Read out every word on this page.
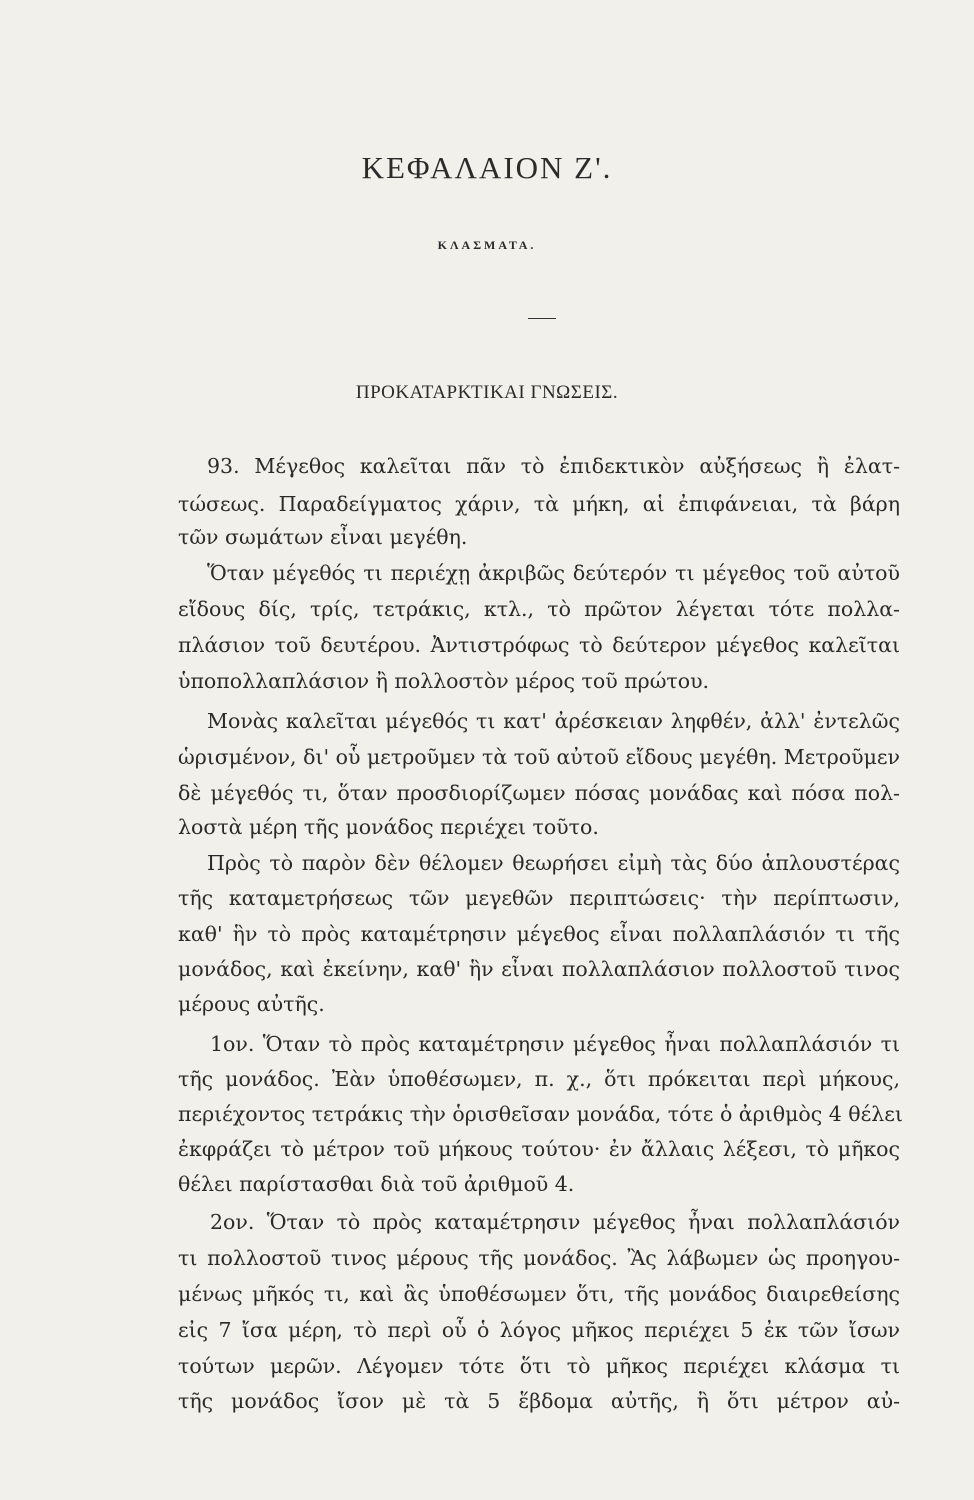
ΚΕΦΑΛΑΙΟΝ Ζ'.
ΚΛΑΣΜΑΤΑ.
ΠΡΟΚΑΤΑΡΚΤΙΚΑΙ ΓΝΩΣΕΙΣ.
93. Μέγεθος καλεῖται πᾶν τὸ ἐπιδεκτικὸν αὐξήσεως ἢ ἐλατ-
τώσεως. Παραδείγματος χάριν, τὰ μήκη, αἱ ἐπιφάνειαι, τὰ βάρη
τῶν σωμάτων εἶναι μεγέθη.
Ὅταν μέγεθός τι περιέχῃ ἀκριβῶς δεύτερόν τι μέγεθος τοῦ αὐτοῦ
εἴδους δίς, τρίς, τετράκις, κτλ., τὸ πρῶτον λέγεται τότε πολλα-
πλάσιον τοῦ δευτέρου. Ἀντιστρόφως τὸ δεύτερον μέγεθος καλεῖται
ὑποπολλαπλάσιον ἢ πολλοστὸν μέρος τοῦ πρώτου.
Μονὰς καλεῖται μέγεθός τι κατ' ἀρέσκειαν ληφθέν, ἀλλ' ἐντελῶς
ὡρισμένον, δι' οὗ μετροῦμεν τὰ τοῦ αὐτοῦ εἴδους μεγέθη. Μετροῦμεν
δὲ μέγεθός τι, ὅταν προσδιορίζωμεν πόσας μονάδας καὶ πόσα πολ-
λοστὰ μέρη τῆς μονάδος περιέχει τοῦτο.
Πρὸς τὸ παρὸν δὲν θέλομεν θεωρήσει εἰμὴ τὰς δύο ἁπλουστέρας
τῆς καταμετρήσεως τῶν μεγεθῶν περιπτώσεις· τὴν περίπτωσιν,
καθ' ἣν τὸ πρὸς καταμέτρησιν μέγεθος εἶναι πολλαπλάσιόν τι τῆς
μονάδος, καὶ ἐκείνην, καθ' ἣν εἶναι πολλαπλάσιον πολλοστοῦ τινος
μέρους αὐτῆς.
1ον. Ὅταν τὸ πρὸς καταμέτρησιν μέγεθος ἦναι πολλαπλάσιόν τι
τῆς μονάδος. Ἐὰν ὑποθέσωμεν, π. χ., ὅτι πρόκειται περὶ μήκους,
περιέχοντος τετράκις τὴν ὁρισθεῖσαν μονάδα, τότε ὁ ἀριθμὸς 4 θέλει
ἐκφράζει τὸ μέτρον τοῦ μήκους τούτου· ἐν ἄλλαις λέξεσι, τὸ μῆκος
θέλει παρίστασθαι διὰ τοῦ ἀριθμοῦ 4.
2ον. Ὅταν τὸ πρὸς καταμέτρησιν μέγεθος ἦναι πολλαπλάσιόν
τι πολλοστοῦ τινος μέρους τῆς μονάδος. Ἂς λάβωμεν ὡς προηγου-
μένως μῆκός τι, καὶ ἂς ὑποθέσωμεν ὅτι, τῆς μονάδος διαιρεθείσης
εἰς 7 ἴσα μέρη, τὸ περὶ οὗ ὁ λόγος μῆκος περιέχει 5 ἐκ τῶν ἴσων
τούτων μερῶν. Λέγομεν τότε ὅτι τὸ μῆκος περιέχει κλάσμα τι
τῆς μονάδος ἴσον μὲ τὰ 5 ἕβδομα αὐτῆς, ἢ ὅτι μέτρον αὐ-
